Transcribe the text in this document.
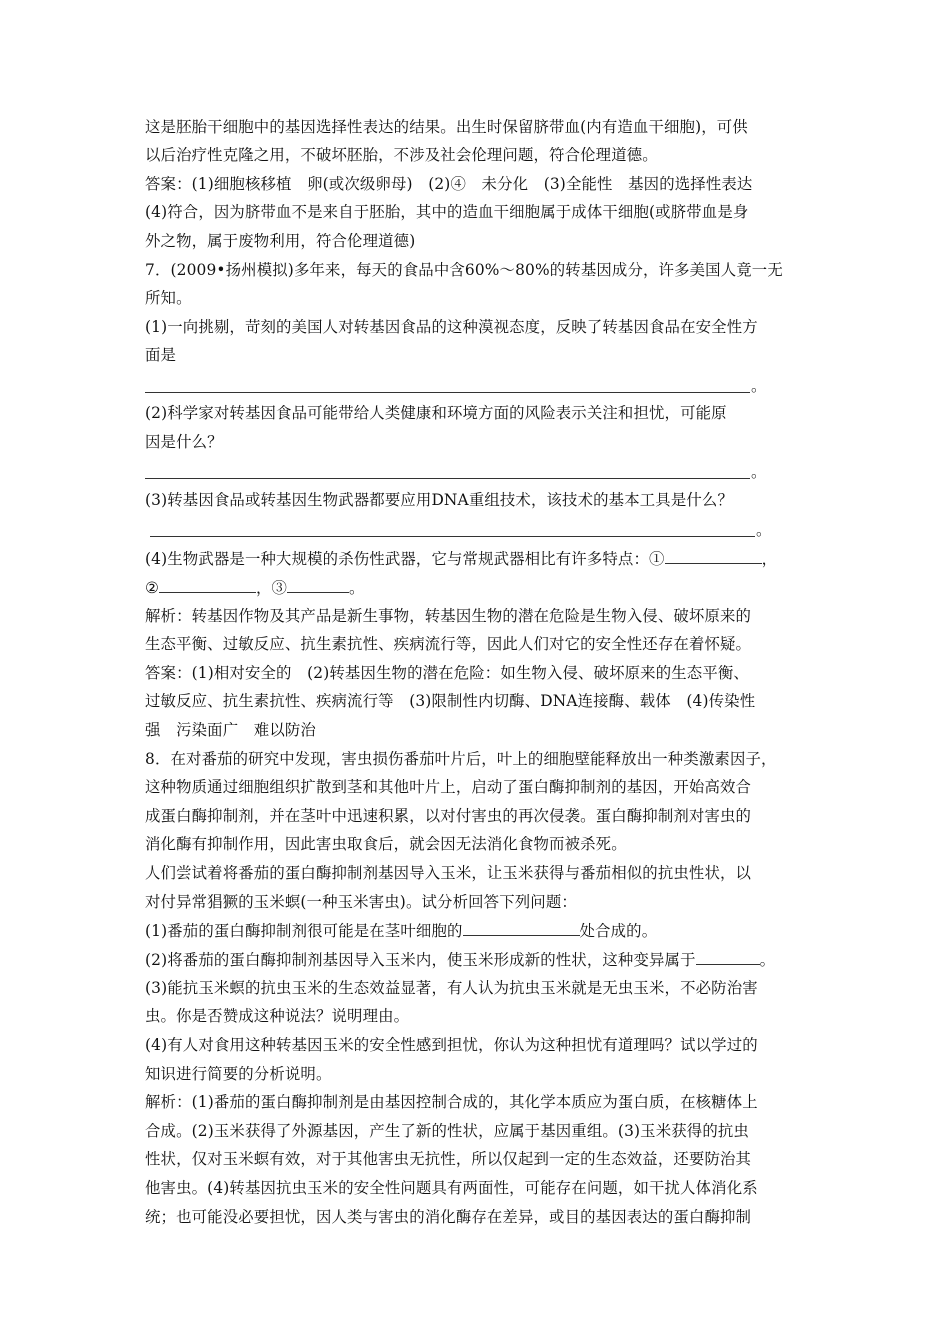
这是胚胎干细胞中的基因选择性表达的结果。出生时保留脐带血(内有造血干细胞)，可供
以后治疗性克隆之用，不破坏胚胎，不涉及社会伦理问题，符合伦理道德。
答案：(1)细胞核移植　卵(或次级卵母)　(2)④　未分化　(3)全能性　基因的选择性表达
(4)符合，因为脐带血不是来自于胚胎，其中的造血干细胞属于成体干细胞(或脐带血是身
外之物，属于废物利用，符合伦理道德)
7．(2009•扬州模拟)多年来，每天的食品中含60%～80%的转基因成分，许多美国人竟一无
所知。
(1)一向挑剔，苛刻的美国人对转基因食品的这种漠视态度，反映了转基因食品在安全性方
面是
。
(2)科学家对转基因食品可能带给人类健康和环境方面的风险表示关注和担忧，可能原
因是什么？
。
(3)转基因食品或转基因生物武器都要应用DNA重组技术，该技术的基本工具是什么？
。
(4)生物武器是一种大规模的杀伤性武器，它与常规武器相比有许多特点：①	，
②	，③	。
解析：转基因作物及其产品是新生事物，转基因生物的潜在危险是生物入侵、破坏原来的
生态平衡、过敏反应、抗生素抗性、疾病流行等，因此人们对它的安全性还存在着怀疑。
答案：(1)相对安全的　(2)转基因生物的潜在危险：如生物入侵、破坏原来的生态平衡、
过敏反应、抗生素抗性、疾病流行等　(3)限制性内切酶、DNA连接酶、载体　(4)传染性
强　污染面广　难以防治
8．在对番茄的研究中发现，害虫损伤番茄叶片后，叶上的细胞壁能释放出一种类激素因子，
这种物质通过细胞组织扩散到茎和其他叶片上，启动了蛋白酶抑制剂的基因，开始高效合
成蛋白酶抑制剂，并在茎叶中迅速积累，以对付害虫的再次侵袭。蛋白酶抑制剂对害虫的
消化酶有抑制作用，因此害虫取食后，就会因无法消化食物而被杀死。
人们尝试着将番茄的蛋白酶抑制剂基因导入玉米，让玉米获得与番茄相似的抗虫性状，以
对付异常猖獗的玉米螟(一种玉米害虫)。试分析回答下列问题：
(1)番茄的蛋白酶抑制剂很可能是在茎叶细胞的	处合成的。
(2)将番茄的蛋白酶抑制剂基因导入玉米内，使玉米形成新的性状，这种变异属于	。
(3)能抗玉米螟的抗虫玉米的生态效益显著，有人认为抗虫玉米就是无虫玉米，不必防治害
虫。你是否赞成这种说法？说明理由。
(4)有人对食用这种转基因玉米的安全性感到担忧，你认为这种担忧有道理吗？试以学过的
知识进行简要的分析说明。
解析：(1)番茄的蛋白酶抑制剂是由基因控制合成的，其化学本质应为蛋白质，在核糖体上
合成。(2)玉米获得了外源基因，产生了新的性状，应属于基因重组。(3)玉米获得的抗虫
性状，仅对玉米螟有效，对于其他害虫无抗性，所以仅起到一定的生态效益，还要防治其
他害虫。(4)转基因抗虫玉米的安全性问题具有两面性，可能存在问题，如干扰人体消化系
统；也可能没必要担忧，因人类与害虫的消化酶存在差异，或目的基因表达的蛋白酶抑制
